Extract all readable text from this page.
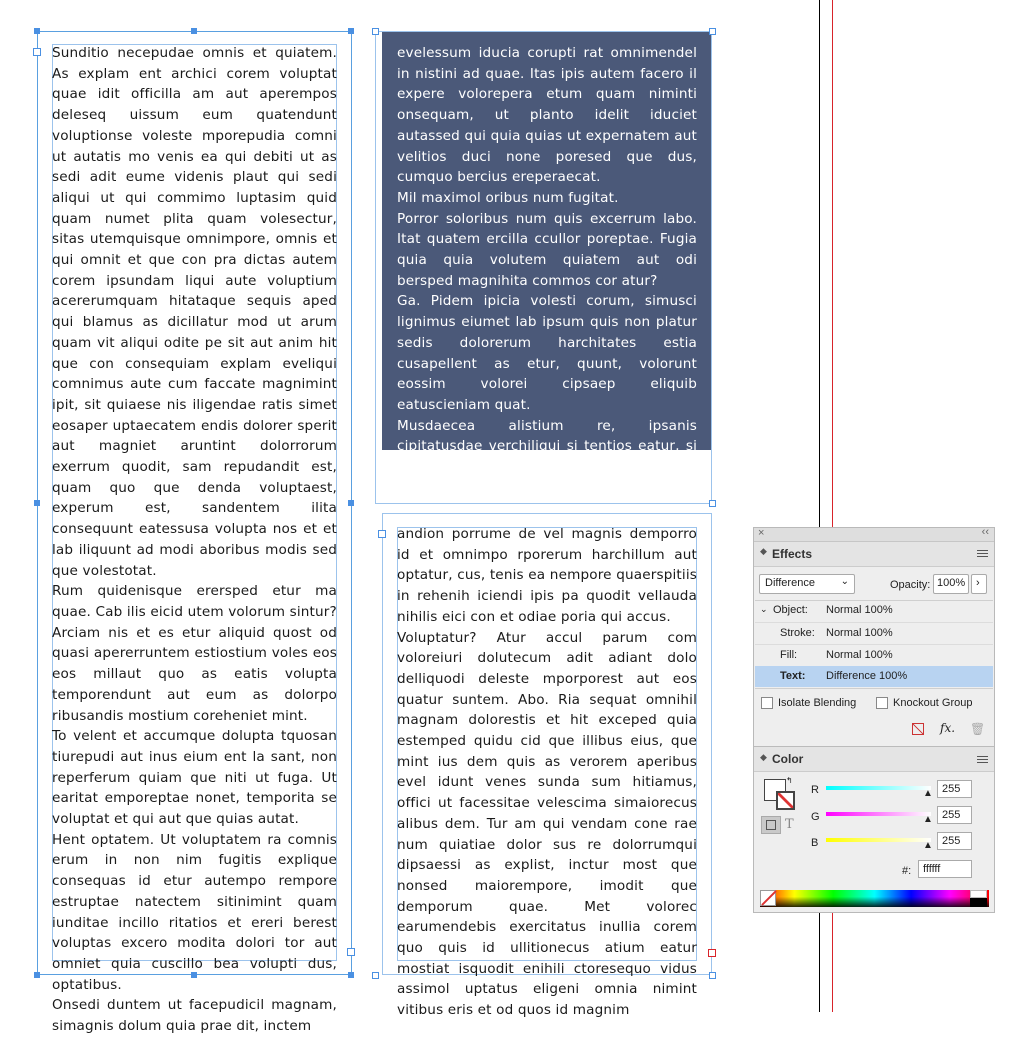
Sunditio necepudae omnis et quiatem. As explam ent archici corem voluptat quae idit officilla am aut aperempos deleseq uissum eum quatendunt voluptionse voleste mporepudia comni ut autatis mo venis ea qui debiti ut as sedi adit eume videnis plaut qui sedi aliqui ut qui commimo luptasim quid quam numet plita quam volesectur, sitas utemquisque omnimpore, omnis et qui omnit et que con pra dictas autem corem ipsundam liqui aute voluptium acererumquam hitataque sequis aped qui blamus as dicillatur mod ut arum quam vit aliqui odite pe sit aut anim hit que con consequiam explam eveliqui comnimus aute cum faccate magnimint ipit, sit quiaese nis iligendae ratis simet eosaper uptaecatem endis dolorer sperit aut magniet aruntint dolorrorum exerrum quodit, sam repudandit est, quam quo que denda voluptaest, experum est, sandentem ilita consequunt eatessusa volupta nos et et lab iliquunt ad modi aboribus modis sed que volestotat.

Rum quidenisque erersped etur ma quae. Cab ilis eicid utem volorum sintur?

Arciam nis et es etur aliquid quost od quasi apererruntem estiostium voles eos eos millaut quo as eatis volupta temporendunt aut eum as dolorpo ribusandis mostium coreheniet mint.

To velent et accumque dolupta tquosan tiurepudi aut inus eium ent la sant, non reperferum quiam que niti ut fuga. Ut earitat emporeptae nonet, temporita se voluptat et qui aut que quias autat.

Hent optatem. Ut voluptatem ra comnis erum in non nim fugitis explique consequas id etur autempo rempore estruptae natectem sitinimint quam iunditae incillo ritatios et ereri berest voluptas excero modita dolori tor aut omniet quia cuscillo bea volupti dus, optatibus.

Onsedi duntem ut facepudicil magnam, simagnis dolum quia prae dit, inctem

evelessum iducia corupti rat omnimendel in nistini ad quae. Itas ipis autem facero il expere volorepera etum quam niminti onsequam, ut planto idelit iduciet autassed qui quia quias ut expernatem aut velitios duci none poresed que dus, cumquo bercius ereperaecat.

Mil maximol oribus num fugitat.

Porror soloribus num quis excerrum labo. Itat quatem ercilla ccullor poreptae. Fugia quia quia volutem quiatem aut odi bersped magnihita commos cor atur?

Ga. Pidem ipicia volesti corum, simusci lignimus eiumet lab ipsum quis non platur sedis dolorerum harchitates estia cusapellent as etur, quunt, volorunt eossim volorei cipsaep eliquib eatuscieniam quat.

Musdaecea alistium re, ipsanis cipitatusdae verchiliqui si tentios eatur, si dolupidem as autemque ea quis niminih itiam, am sit ut

andion porrume de vel magnis demporro id et omnimpo rporerum harchillum aut optatur, cus, tenis ea nempore quaerspitiis in rehenih iciendi ipis pa quodit vellauda nihilis eici con et odiae poria qui accus.

Voluptatur? Atur accul parum com voloreiuri dolutecum adit adiant dolo delliquodi deleste mporporest aut eos quatur suntem. Abo. Ria sequat omnihil magnam dolorestis et hit exceped quia estemped quidu cid que illibus eius, que mint ius dem quis as verorem aperibus evel idunt venes sunda sum hitiamus, offici ut facessitae velescima simaiorecus alibus dem. Tur am qui vendam cone rae num quiatiae dolor sus re dolorrumqui dipsaessi as explist, inctur most que nonsed maiorempore, imodit que demporum quae. Met volorec earumendebis exercitatus inullia corem quo quis id ullitionecus atium eatur mostiat isquodit enihili ctoresequo vidus assimol uptatus eligeni omnia nimint vitibus eris et od quos id magnim

×	‹‹
◆ Effects
Difference	⌄	Opacity: 100% ›
⌄ Object: Normal 100%
Stroke: Normal 100%
Fill:	Normal 100%
Text: Difference 100%
Isolate Blending	Knockout Group
fx. 🗑
◆ Color
↰
T
R	▲ 255
G	▲ 255
B	▲ 255
#:	ffffff
